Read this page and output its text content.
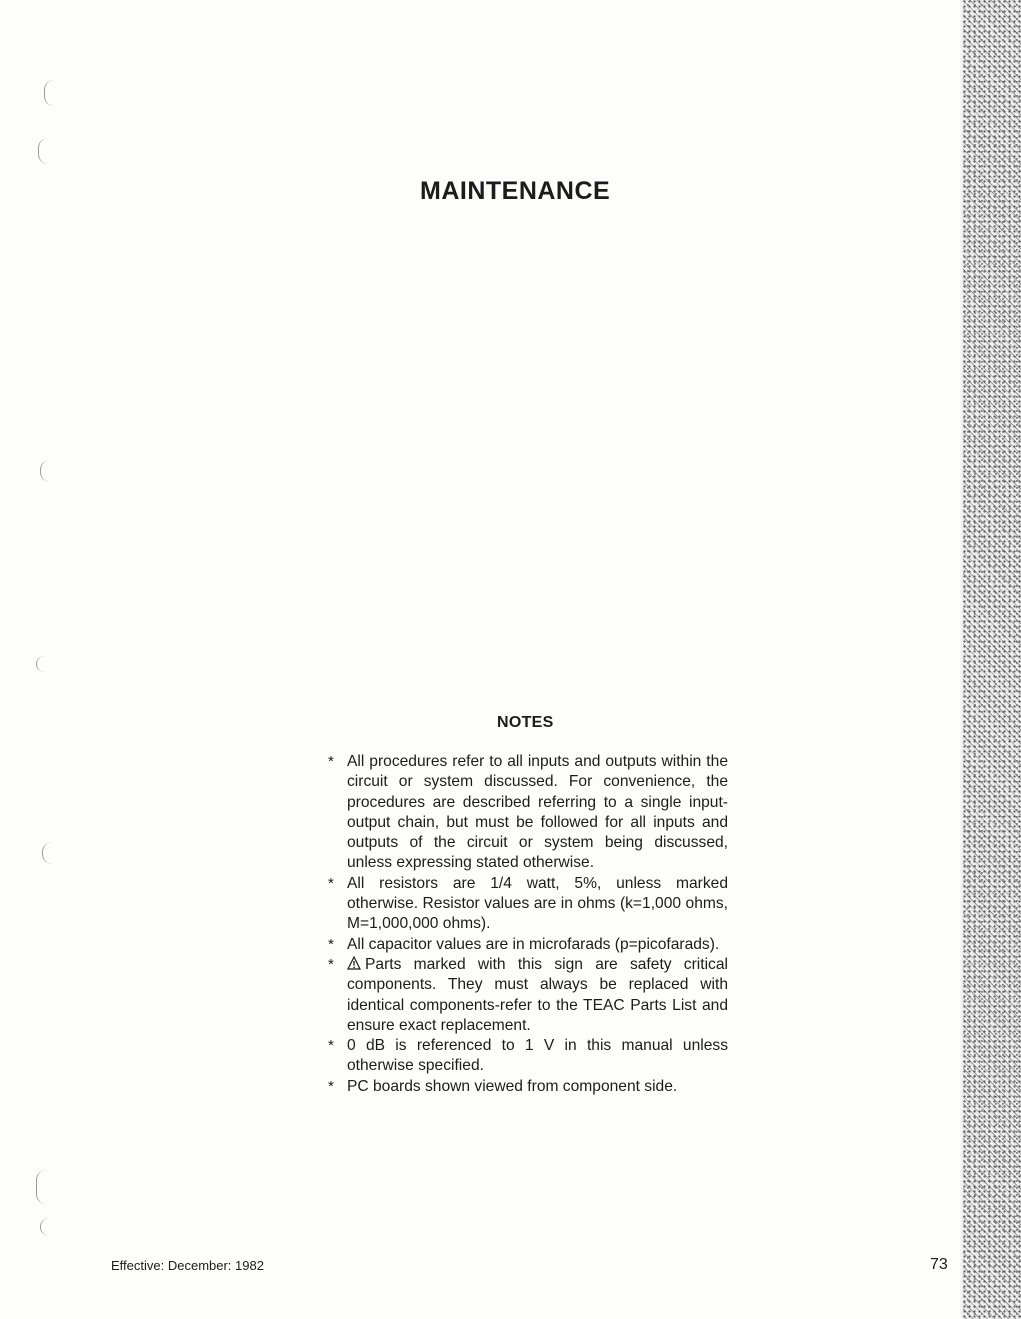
MAINTENANCE
NOTES
* All procedures refer to all inputs and outputs within the circuit or system discussed. For convenience, the procedures are described referring to a single input-output chain, but must be followed for all inputs and outputs of the circuit or system being discussed, unless expressing stated otherwise.
* All resistors are 1/4 watt, 5%, unless marked otherwise. Resistor values are in ohms (k=1,000 ohms, M=1,000,000 ohms).
* All capacitor values are in microfarads (p=picofarads).
* Parts marked with this sign are safety critical components. They must always be replaced with identical components-refer to the TEAC Parts List and ensure exact replacement.
* 0 dB is referenced to 1 V in this manual unless otherwise specified.
* PC boards shown viewed from component side.
Effective: December: 1982	73
